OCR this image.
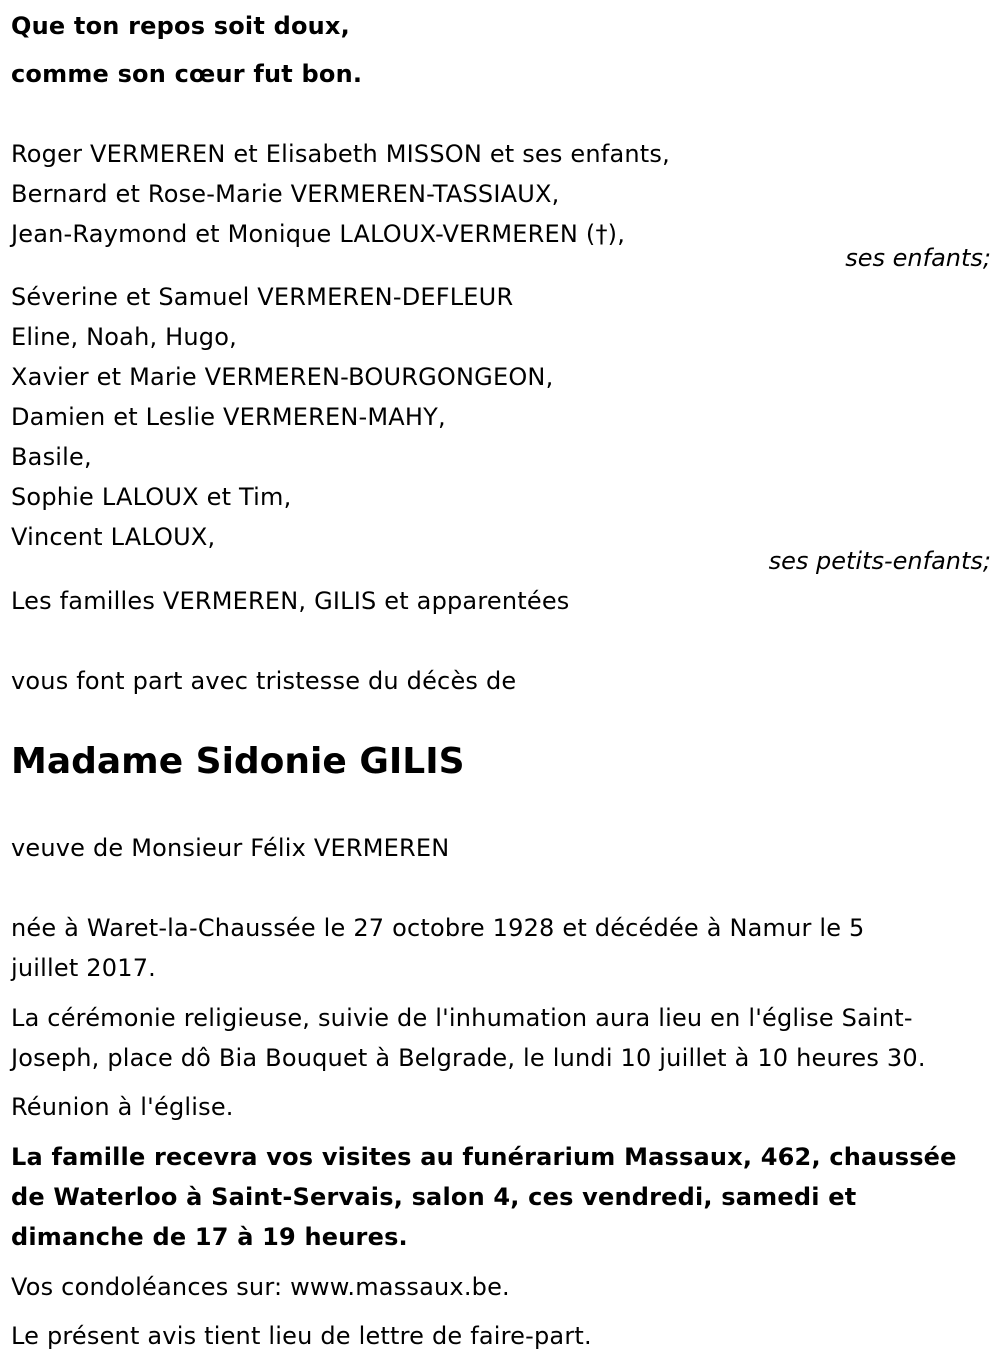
Que ton repos soit doux,
comme son cœur fut bon.
Roger VERMEREN et Elisabeth MISSON et ses enfants,
Bernard et Rose-Marie VERMEREN-TASSIAUX,
Jean-Raymond et Monique LALOUX-VERMEREN (†),
ses enfants;
Séverine et Samuel VERMEREN-DEFLEUR
Eline, Noah, Hugo,
Xavier et Marie VERMEREN-BOURGONGEON,
Damien et Leslie VERMEREN-MAHY,
Basile,
Sophie LALOUX et Tim,
Vincent LALOUX,
ses petits-enfants;
Les familles VERMEREN, GILIS et apparentées
vous font part avec tristesse du décès de
Madame Sidonie GILIS
veuve de Monsieur Félix VERMEREN
née à Waret-la-Chaussée le 27 octobre 1928 et décédée à Namur le 5
juillet 2017.
La cérémonie religieuse, suivie de l'inhumation aura lieu en l'église Saint-
Joseph, place dô Bia Bouquet à Belgrade, le lundi 10 juillet à 10 heures 30.
Réunion à l'église.
La famille recevra vos visites au funérarium Massaux, 462, chaussée
de Waterloo à Saint-Servais, salon 4, ces vendredi, samedi et
dimanche de 17 à 19 heures.
Vos condoléances sur: www.massaux.be.
Le présent avis tient lieu de lettre de faire-part.
